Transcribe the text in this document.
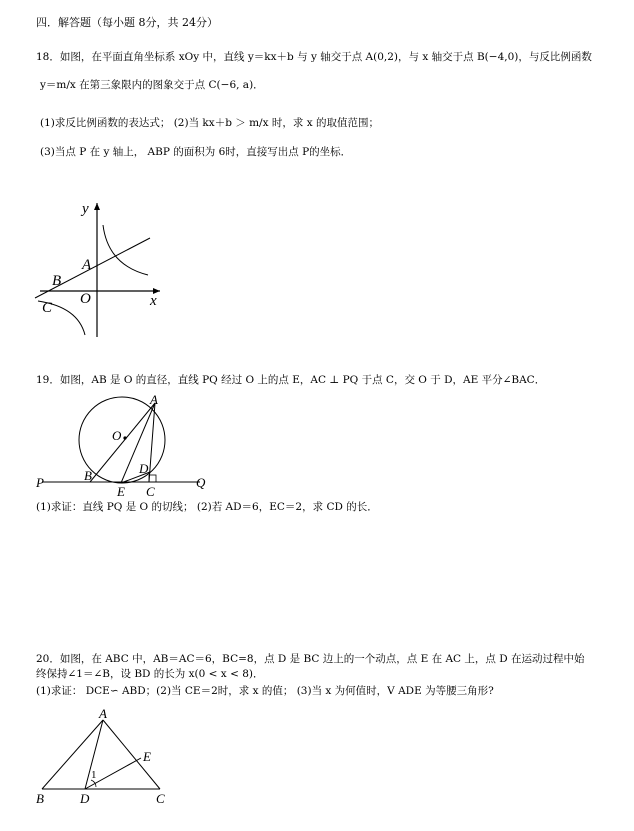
四．解答题（每小题 8分，共 24分）
18．如图，在平面直角坐标系 xOy 中，直线 y＝kx＋b 与 y 轴交于点 A(0,2)，与 x 轴交于点 B(−4,0)，与反比例函数
y＝m/x 在第三象限内的图象交于点 C(−6, a)．
(1)求反比例函数的表达式； (2)当 kx＋b ＞ m/x 时，求 x 的取值范围；
(3)当点 P 在 y 轴上， ABP 的面积为 6时，直接写出点 P的坐标．
y
A
B
O	x
C
19．如图，AB 是 O 的直径，直线 PQ 经过 O 上的点 E，AC ⊥ PQ 于点 C，交 O 于 D，AE 平分∠BAC．
A
O
D
P	B
E C
Q
(1)求证：直线 PQ 是 O 的切线； (2)若 AD＝6，EC＝2，求 CD 的长．
20．如图，在 ABC 中，AB＝AC＝6，BC=8，点 D 是 BC 边上的一个动点，点 E 在 AC 上，点 D 在运动过程中始
终保持∠1＝∠B，设 BD 的长为 x(0 < x < 8)．
(1)求证： DCE∽ ABD；(2)当 CE＝2时，求 x 的值； (3)当 x 为何值时，V ADE 为等腰三角形?
A
E
1
B	D	C
